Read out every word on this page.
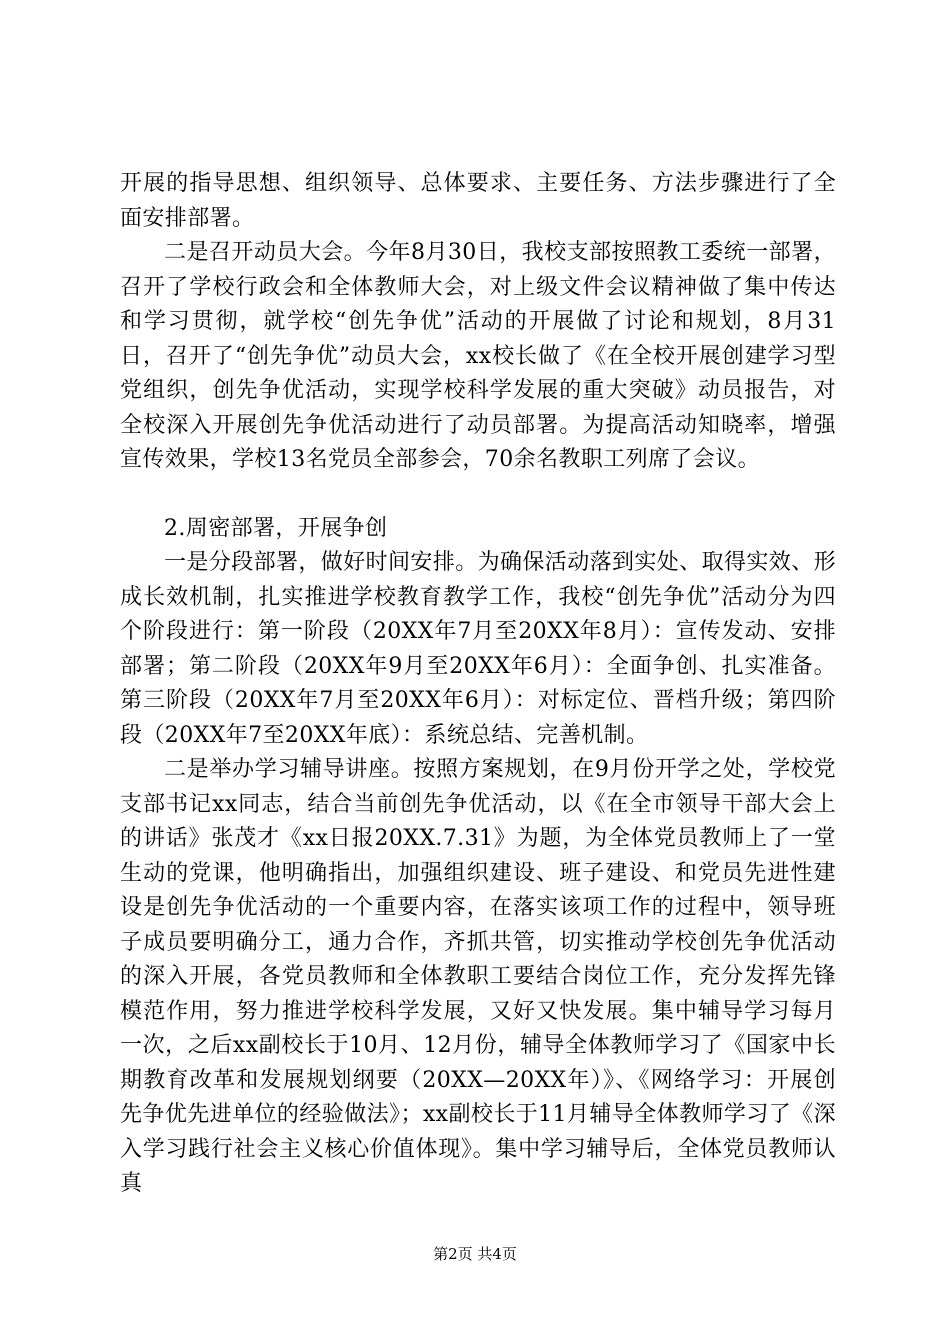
开展的指导思想、组织领导、总体要求、主要任务、方法步骤进行了全面安排部署。

二是召开动员大会。今年8月30日，我校支部按照教工委统一部署，召开了学校行政会和全体教师大会，对上级文件会议精神做了集中传达和学习贯彻，就学校“创先争优”活动的开展做了讨论和规划，8月31日，召开了“创先争优”动员大会，xx校长做了《在全校开展创建学习型党组织，创先争优活动，实现学校科学发展的重大突破》动员报告，对全校深入开展创先争优活动进行了动员部署。为提高活动知晓率，增强宣传效果，学校13名党员全部参会，70余名教职工列席了会议。

2.周密部署，开展争创

一是分段部署，做好时间安排。为确保活动落到实处、取得实效、形成长效机制，扎实推进学校教育教学工作，我校“创先争优”活动分为四个阶段进行：第一阶段（20XX年7月至20XX年8月）：宣传发动、安排部署；第二阶段（20XX年9月至20XX年6月）：全面争创、扎实准备。第三阶段（20XX年7月至20XX年6月）：对标定位、晋档升级；第四阶段（20XX年7至20XX年底）：系统总结、完善机制。

二是举办学习辅导讲座。按照方案规划，在9月份开学之处，学校党支部书记xx同志，结合当前创先争优活动，以《在全市领导干部大会上的讲话》张茂才《xx日报20XX.7.31》为题，为全体党员教师上了一堂生动的党课，他明确指出，加强组织建设、班子建设、和党员先进性建设是创先争优活动的一个重要内容，在落实该项工作的过程中，领导班子成员要明确分工，通力合作，齐抓共管，切实推动学校创先争优活动的深入开展，各党员教师和全体教职工要结合岗位工作，充分发挥先锋模范作用，努力推进学校科学发展，又好又快发展。集中辅导学习每月一次，之后xx副校长于10月、12月份，辅导全体教师学习了《国家中长期教育改革和发展规划纲要（20XX—20XX年）》、《网络学习：开展创先争优先进单位的经验做法》；xx副校长于11月辅导全体教师学习了《深入学习践行社会主义核心价值体现》。集中学习辅导后，全体党员教师认真

第2页 共4页
